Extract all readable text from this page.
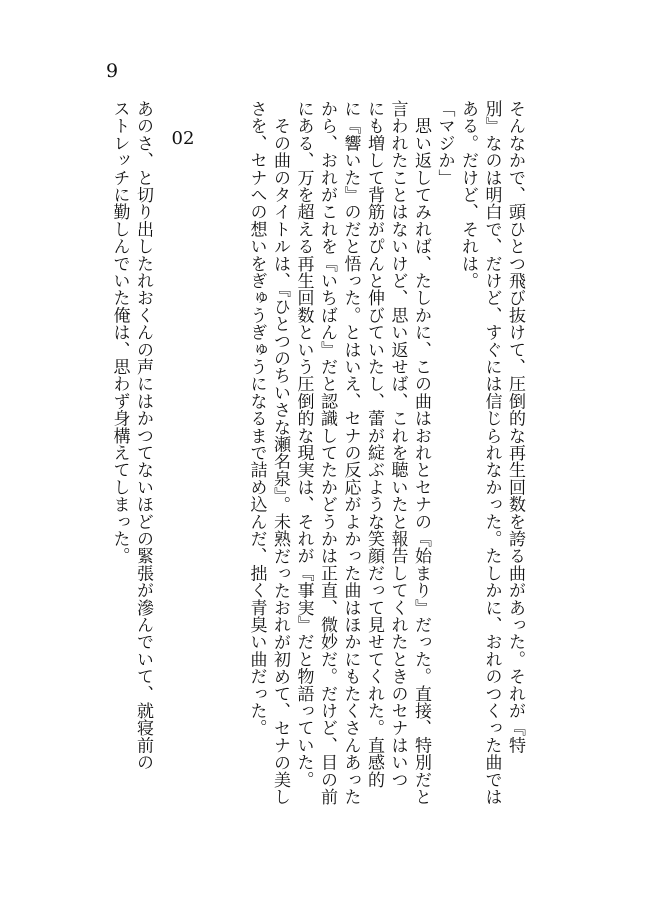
9
そんなかで、頭ひとつ飛び抜けて、圧倒的な再生回数を誇る曲があった。それが『特
別』なのは明白で、だけど、すぐには信じられなかった。たしかに、おれのつくった曲では
ある。だけど、それは。
「マジか」
　思い返してみれば、たしかに、この曲はおれとセナの『始まり』だった。直接、特別だと
言われたことはないけど、思い返せば、これを聴いたと報告してくれたときのセナはいつ
にも増して背筋がぴんと伸びていたし、蕾が綻ぶような笑顔だって見せてくれた。直感的
に『響いた』のだと悟った。とはいえ、セナの反応がよかった曲はほかにもたくさんあった
から、おれがこれを『いちばん』だと認識してたかどうかは正直、微妙だ。だけど、目の前
にある、万を超える再生回数という圧倒的な現実は、それが『事実』だと物語っていた。
　その曲のタイトルは、『ひとつのちいさな瀬名泉』。未熟だったおれが初めて、セナの美し
さを、セナへの想いをぎゅうぎゅうになるまで詰め込んだ、拙く青臭い曲だった。
02
あのさ、と切り出したれおくんの声にはかつてないほどの緊張が滲んでいて、就寝前の
ストレッチに勤しんでいた俺は、思わず身構えてしまった。
